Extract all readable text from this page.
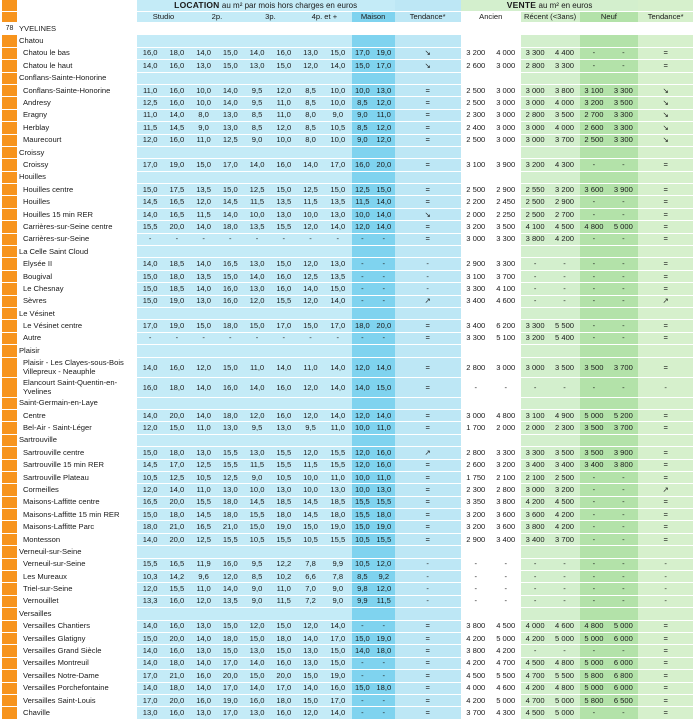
		LOCATION au m² par mois hors charges en euros											VENTE au m² en euros						
		Studio		2p.		3p.		4p. et +		Maison		Tendance*	Ancien		Récent (<3ans)		Neuf		Tendance*
78	YVELINES																		
	Chatou																		
	Chatou le bas	16,0	18,0	14,0	15,0	14,0	16,0	13,0	15,0	17,0	19,0	↘	3 200	4 000	3 300	4 400	-	-	=
	Chatou le haut	14,0	16,0	13,0	15,0	13,0	15,0	12,0	14,0	15,0	17,0	↘	2 600	3 000	2 800	3 300	-	-	=
	Conflans-Sainte-Honorine																		
	Conflans-Sainte-Honorine	11,0	16,0	10,0	14,0	9,5	12,0	8,5	10,0	10,0	13,0	=	2 500	3 000	3 000	3 800	3 100	3 300	↘
	Andresy	12,5	16,0	10,0	14,0	9,5	11,0	8,5	10,0	8,5	12,0	=	2 500	3 000	3 000	4 000	3 200	3 500	↘
	Eragny	11,0	14,0	8,0	13,0	8,5	11,0	8,0	9,0	9,0	11,0	=	2 300	3 000	2 800	3 500	2 700	3 300	↘
	Herblay	11,5	14,5	9,0	13,0	8,5	12,0	8,5	10,5	8,5	12,0	=	2 400	3 000	3 000	4 000	2 600	3 300	↘
	Maurecourt	12,0	16,0	11,0	12,5	9,0	10,0	8,0	10,0	9,0	12,0	=	2 500	3 000	3 000	3 700	2 500	3 300	↘
	Croissy																		
	Croissy	17,0	19,0	15,0	17,0	14,0	16,0	14,0	17,0	16,0	20,0	=	3 100	3 900	3 200	4 300	-	-	=
	Houilles																		
	Houilles centre	15,0	17,5	13,5	15,0	12,5	15,0	12,5	15,0	12,5	15,0	=	2 500	2 900	2 550	3 200	3 600	3 900	=
	Houilles	14,5	16,5	12,0	14,5	11,5	13,5	11,5	13,5	11,5	14,0	=	2 200	2 450	2 500	2 900	-	-	=
	Houilles 15 min RER	14,0	16,5	11,5	14,0	10,0	13,0	10,0	13,0	10,0	14,0	↘	2 000	2 250	2 500	2 700	-	-	=
	Carrières-sur-Seine centre	15,5	20,0	14,0	18,0	13,5	15,5	12,0	14,0	12,0	14,0	=	3 200	3 500	4 100	4 500	4 800	5 000	=
	Carrières-sur-Seine	-	-	-	-	-	-	-	-	-	-	=	3 000	3 300	3 800	4 200	-	-	=
	La Celle Saint Cloud																		
	Elysée II	14,0	18,5	14,0	16,5	13,0	15,0	12,0	13,0	-	-	-	2 900	3 300	-	-	-	-	=
	Bougival	15,0	18,0	13,5	15,0	14,0	16,0	12,5	13,5	-	-	-	3 100	3 700	-	-	-	-	=
	Le Chesnay	15,0	18,5	14,0	16,0	13,0	16,0	14,0	15,0	-	-	-	3 300	4 100	-	-	-	-	=
	Sèvres	15,0	19,0	13,0	16,0	12,0	15,5	12,0	14,0	-	-	↗	3 400	4 600	-	-	-	-	↗
	Le Vésinet																		
	Le Vésinet centre	17,0	19,0	15,0	18,0	15,0	17,0	15,0	17,0	18,0	20,0	=	3 400	6 200	3 300	5 500	-	-	=
	Autre	-	-	-	-	-	-	-	-	-	-	=	3 300	5 100	3 200	5 400	-	-	=
	Plaisir																		
	Plaisir - Les Clayes-sous-Bois Villepreux - Neauphle	14,0	16,0	12,0	15,0	11,0	14,0	11,0	14,0	12,0	14,0	=	2 800	3 000	3 000	3 500	3 500	3 700	=
	Elancourt Saint-Quentin-en-Yvelines	16,0	18,0	14,0	16,0	14,0	16,0	12,0	14,0	14,0	15,0	=	-	-	-	-	-	-	-
	Saint-Germain-en-Laye																		
	Centre	14,0	20,0	14,0	18,0	12,0	16,0	12,0	14,0	12,0	14,0	=	3 000	4 800	3 100	4 900	5 000	5 200	=
	Bel-Air - Saint-Léger	12,0	15,0	11,0	13,0	9,5	13,0	9,5	11,0	10,0	11,0	=	1 700	2 000	2 000	2 300	3 500	3 700	=
	Sartrouville																		
	Sartrouville centre	15,0	18,0	13,0	15,5	13,0	15,5	12,0	15,5	12,0	16,0	↗	2 800	3 300	3 300	3 500	3 500	3 900	=
	Sartrouville 15 min RER	14,5	17,0	12,5	15,5	11,5	15,5	11,5	15,5	12,0	16,0	=	2 600	3 200	3 400	3 400	3 400	3 800	=
	Sartrouville Plateau	10,5	12,5	10,5	12,5	9,0	10,5	10,0	11,0	10,0	11,0	=	1 750	2 100	2 100	2 500	-	-	=
	Cormeilles	12,0	14,0	11,0	13,0	10,0	13,0	10,0	13,0	10,0	13,0	=	2 300	2 800	3 000	3 200	-	-	↗
	Maisons-Laffitte centre	16,5	20,0	15,5	18,0	14,5	18,5	14,5	18,5	15,5	15,5	=	3 350	3 800	4 200	4 500	-	-	=
	Maisons-Laffitte 15 min RER	15,0	18,0	14,5	18,0	15,5	18,0	14,5	18,0	15,5	18,0	=	3 200	3 600	3 600	4 200	-	-	=
	Maisons-Laffitte Parc	18,0	21,0	16,5	21,0	15,0	19,0	15,0	19,0	15,0	19,0	=	3 200	3 600	3 800	4 200	-	-	=
	Montesson	14,0	20,0	12,5	15,5	10,5	15,5	10,5	15,5	10,5	15,5	=	2 900	3 400	3 400	3 700	-	-	=
	Verneuil-sur-Seine																		
	Verneuil-sur-Seine	15,5	16,5	11,9	16,0	9,5	12,2	7,8	9,9	10,5	12,0	-	-	-	-	-	-	-	-
	Les Mureaux	10,3	14,2	9,6	12,0	8,5	10,2	6,6	7,8	8,5	9,2	-	-	-	-	-	-	-	-
	Triel-sur-Seine	12,0	15,5	11,0	14,0	9,0	11,0	7,0	9,0	9,8	12,0	-	-	-	-	-	-	-	-
	Vernouillet	13,3	16,0	12,0	13,5	9,0	11,5	7,2	9,0	9,9	11,5	-	-	-	-	-	-	-	-
	Versailles																		
	Versailles Chantiers	14,0	16,0	13,0	15,0	12,0	15,0	12,0	14,0	-	-	=	3 800	4 500	4 000	4 600	4 800	5 000	=
	Versailles Glatigny	15,0	20,0	14,0	18,0	15,0	18,0	14,0	17,0	15,0	19,0	=	4 200	5 000	4 200	5 000	5 000	6 000	=
	Versailles Grand Siècle	14,0	16,0	13,0	15,0	13,0	15,0	13,0	15,0	14,0	18,0	=	3 800	4 200	-	-	-	-	=
	Versailles Montreuil	14,0	18,0	14,0	17,0	14,0	16,0	13,0	15,0	-	-	=	4 200	4 700	4 500	4 800	5 000	6 000	=
	Versailles Notre-Dame	17,0	21,0	16,0	20,0	15,0	20,0	15,0	19,0	-	-	=	4 500	5 500	4 700	5 500	5 800	6 800	=
	Versailles Porchefontaine	14,0	18,0	14,0	17,0	14,0	17,0	14,0	16,0	15,0	18,0	=	4 000	4 600	4 200	4 800	5 000	6 000	=
	Versailles Saint-Louis	17,0	20,0	16,0	19,0	16,0	18,0	15,0	17,0	-	-	=	4 200	5 000	4 700	5 000	5 800	6 500	=
	Chaville	13,0	16,0	13,0	17,0	13,0	16,0	12,0	14,0	-	-	=	3 700	4 300	4 500	5 000	-	-	=
